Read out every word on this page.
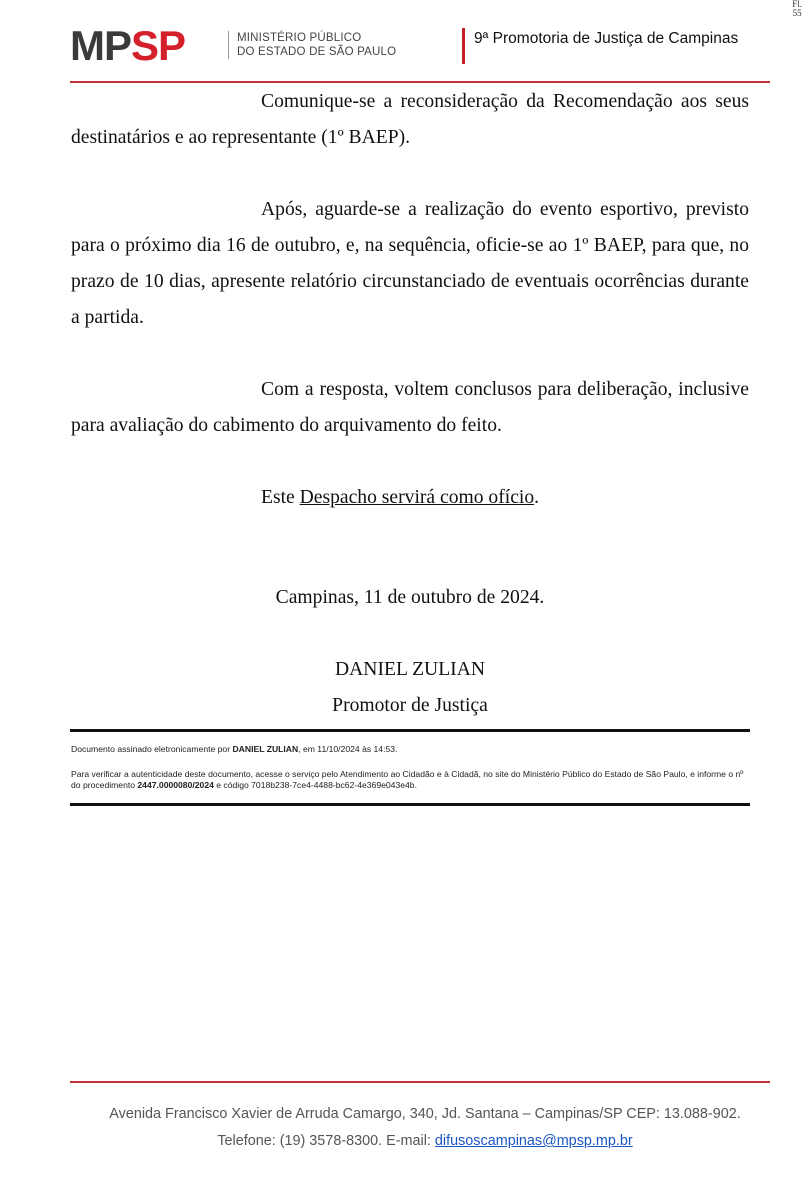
Fl.
55
MPSP	MINISTÉRIO PÚBLICO
DO ESTADO DE SÃO PAULO
9ª Promotoria de Justiça de Campinas

Comunique-se a reconsideração da Recomendação aos seus destinatários e ao representante (1º BAEP).

Após, aguarde-se a realização do evento esportivo, previsto para o próximo dia 16 de outubro, e, na sequência, oficie-se ao 1º BAEP, para que, no prazo de 10 dias, apresente relatório circunstanciado de eventuais ocorrências durante a partida.

Com a resposta, voltem conclusos para deliberação, inclusive para avaliação do cabimento do arquivamento do feito.

Este Despacho servirá como ofício.

Campinas, 11 de outubro de 2024.
DANIEL ZULIAN
Promotor de Justiça
Documento assinado eletronicamente por DANIEL ZULIAN, em 11/10/2024 às 14:53.
Para verificar a autenticidade deste documento, acesse o serviço pelo Atendimento ao Cidadão e à Cidadã, no site do Ministério Público do Estado de São Paulo, e informe o nº do procedimento 2447.0000080/2024 e código 7018b238-7ce4-4488-bc62-4e369e043e4b.
Avenida Francisco Xavier de Arruda Camargo, 340, Jd. Santana – Campinas/SP CEP: 13.088-902.
Telefone: (19) 3578-8300. E-mail: difusoscampinas@mpsp.mp.br
